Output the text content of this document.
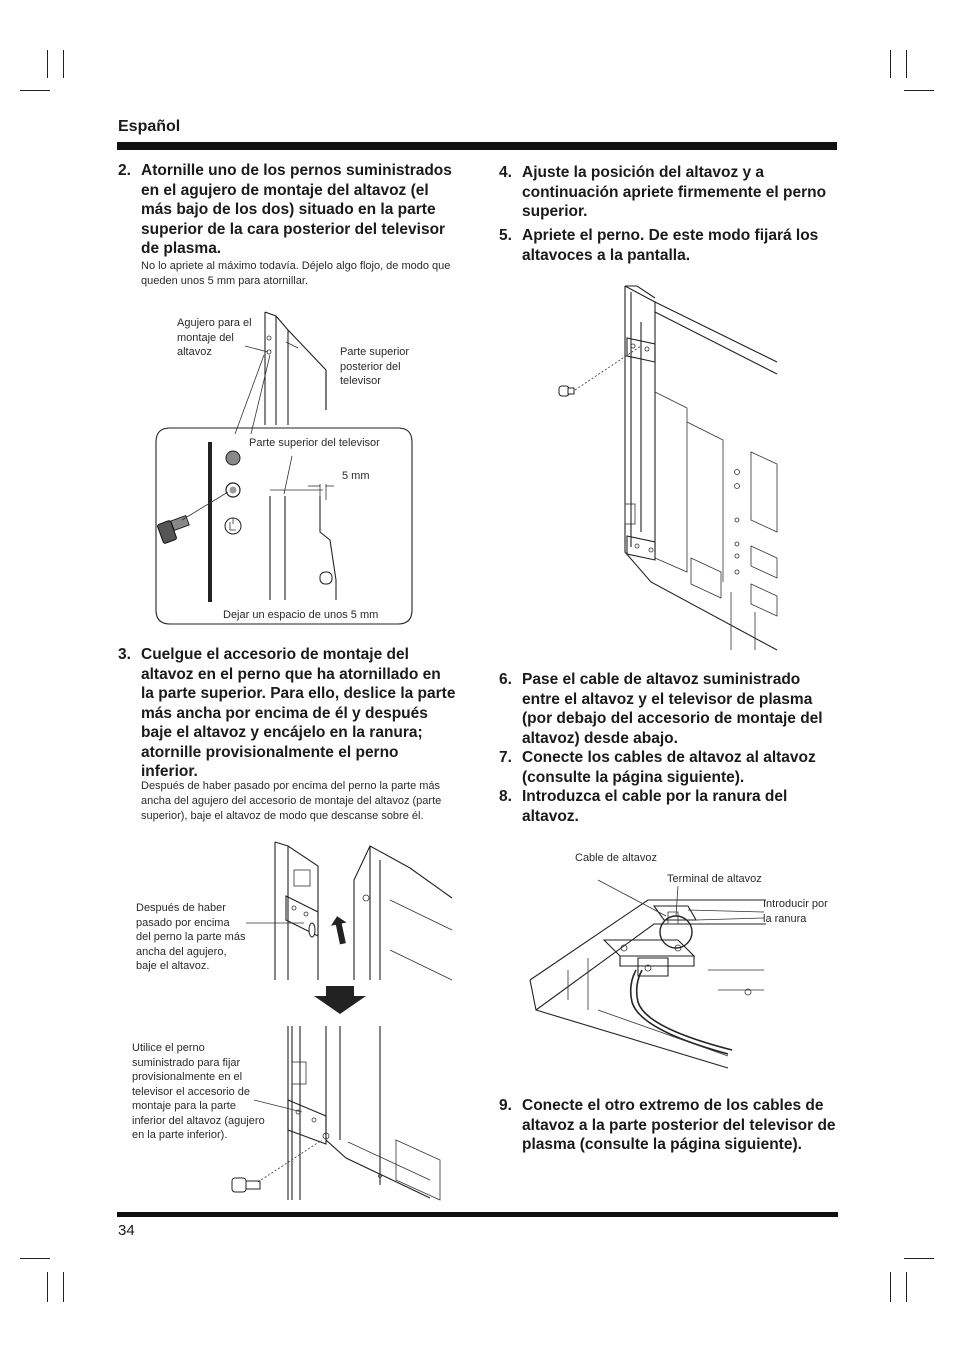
Español
2. Atornille uno de los pernos suministrados en el agujero de montaje del altavoz (el más bajo de los dos) situado en la parte superior de la cara posterior del televisor de plasma.
No lo apriete al máximo todavía. Déjelo algo flojo, de modo que queden unos 5 mm para atornillar.
Agujero para el montaje del altavoz	Parte superior posterior del televisor
Parte superior del televisor
5 mm
Dejar un espacio de unos 5 mm
3. Cuelgue el accesorio de montaje del altavoz en el perno que ha atornillado en la parte superior. Para ello, deslice la parte más ancha por encima de él y después baje el altavoz y encájelo en la ranura; atornille provisionalmente el perno inferior.
Después de haber pasado por encima del perno la parte más ancha del agujero del accesorio de montaje del altavoz (parte superior), baje el altavoz de modo que descanse sobre él.
Después de haber pasado por encima del perno la parte más ancha del agujero, baje el altavoz.
Utilice el perno suministrado para fijar provisionalmente en el televisor el accesorio de montaje para la parte inferior del altavoz (agujero en la parte inferior).
4. Ajuste la posición del altavoz y a continuación apriete firmemente el perno superior.
5. Apriete el perno. De este modo fijará los altavoces a la pantalla.
6. Pase el cable de altavoz suministrado entre el altavoz y el televisor de plasma (por debajo del accesorio de montaje del altavoz) desde abajo.
7. Conecte los cables de altavoz al altavoz (consulte la página siguiente).
8. Introduzca el cable por la ranura del altavoz.
Cable de altavoz
Terminal de altavoz
Introducir por la ranura
9. Conecte el otro extremo de los cables de altavoz a la parte posterior del televisor de plasma (consulte la página siguiente).
34
